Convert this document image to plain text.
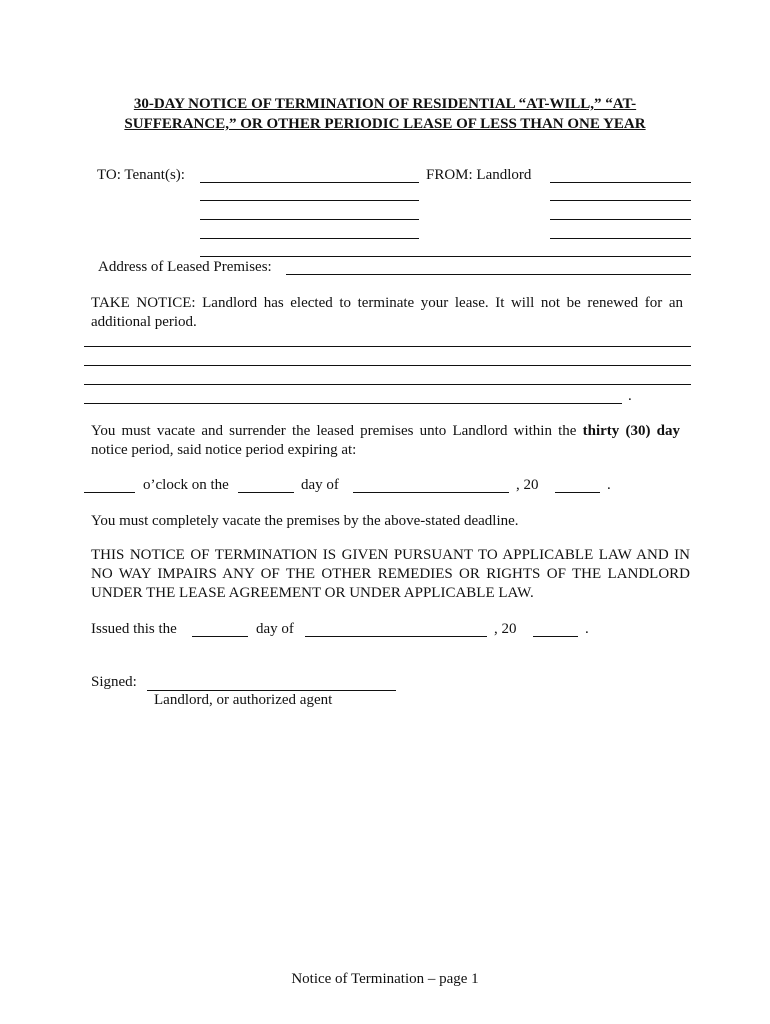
30-DAY NOTICE OF TERMINATION OF RESIDENTIAL “AT-WILL,” “AT-
SUFFERANCE,” OR OTHER PERIODIC LEASE OF LESS THAN ONE YEAR
TO: Tenant(s):	FROM: Landlord
Address of Leased Premises:
TAKE NOTICE: Landlord has elected to terminate your lease. It will not be renewed for an additional period.
.
You must vacate and surrender the leased premises unto Landlord within the thirty (30) day
notice period, said notice period expiring at:
o’clock on the	day of	, 20	.
You must completely vacate the premises by the above-stated deadline.
THIS NOTICE OF TERMINATION IS GIVEN PURSUANT TO APPLICABLE LAW AND IN NO WAY IMPAIRS ANY OF THE OTHER REMEDIES OR RIGHTS OF THE LANDLORD UNDER THE LEASE AGREEMENT OR UNDER APPLICABLE LAW.
Issued this the	day of	, 20	.
Signed:
Landlord, or authorized agent
Notice of Termination – page 1
